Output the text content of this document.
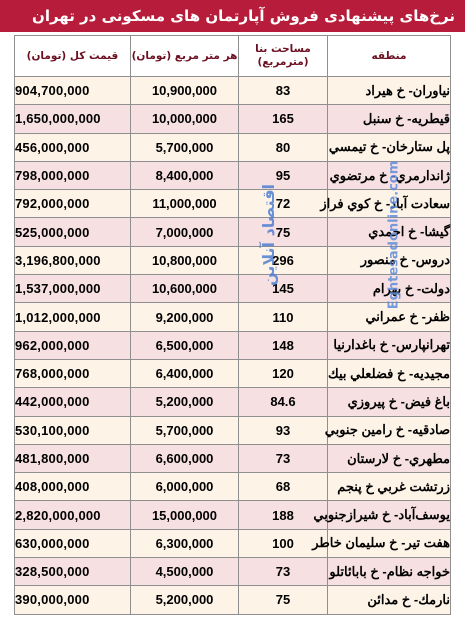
نرخ‌های پیشنهادی فروش آپارتمان های مسکونی در تهران
قیمت کل (تومان)	هر متر مربع (تومان)	مساحت بنا (مترمربع)	منطقه
904,700,000	10,900,000	83	نياوران- خ هيراد
1,650,000,000	10,000,000	165	قيطريه- خ سنبل
456,000,000	5,700,000	80	پل ستارخان- خ تيمسي
798,000,000	8,400,000	95	ژاندارمري- خ مرتضوي
792,000,000	11,000,000	72	سعادت آباد- خ كوي فراز
525,000,000	7,000,000	75	گيشا- خ احمدي
3,196,800,000	10,800,000	296	دروس- خ منصور
1,537,000,000	10,600,000	145	دولت- خ بهرام
1,012,000,000	9,200,000	110	ظفر- خ عمراني
962,000,000	6,500,000	148	تهرانپارس- خ باغدارنيا
768,000,000	6,400,000	120	مجيديه- خ فضلعلي بيك
442,000,000	5,200,000	84.6	باغ فيض- خ پيروزي
530,100,000	5,700,000	93	صادقيه- خ رامين جنوبي
481,800,000	6,600,000	73	مطهري- خ لارستان
408,000,000	6,000,000	68	زرتشت غربي خ پنجم
2,820,000,000	15,000,000	188	يوسف‌آباد- خ شيرازجنوبي
630,000,000	6,300,000	100	هفت تير- خ سليمان خاطر
328,500,000	4,500,000	73	خواجه نظام- خ بابائاتلو
390,000,000	5,200,000	75	نارمك- خ مدائن
اقتصاد آنلاین	Eghtesadonline.com
